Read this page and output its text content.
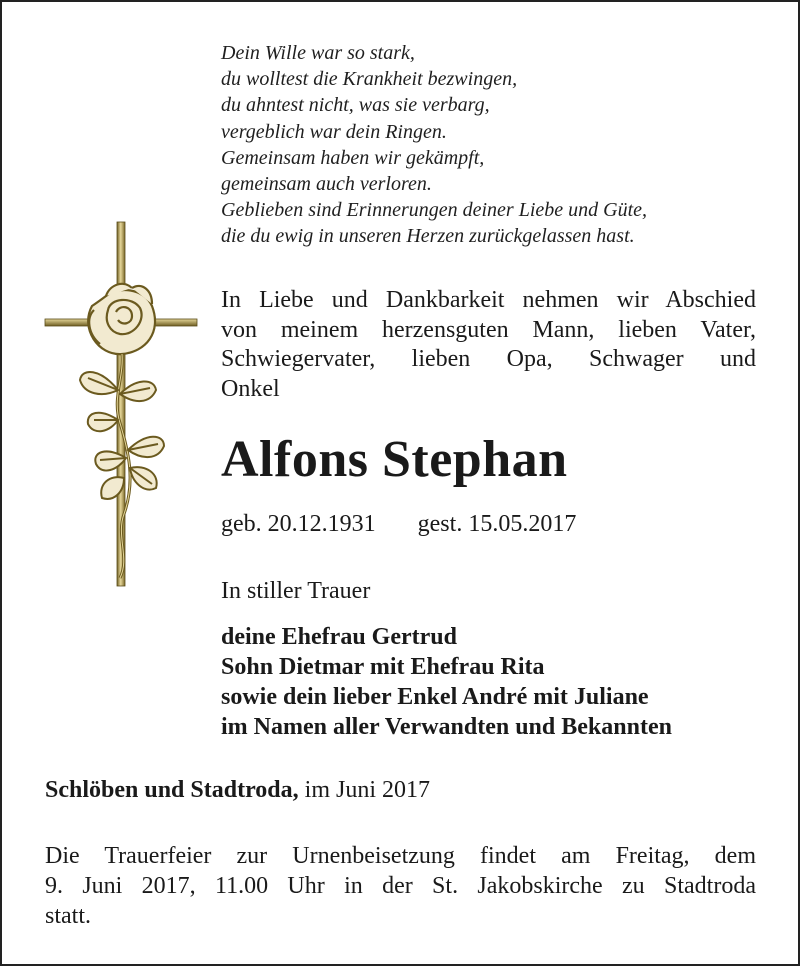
Dein Wille war so stark,
du wolltest die Krankheit bezwingen,
du ahntest nicht, was sie verbarg,
vergeblich war dein Ringen.
Gemeinsam haben wir gekämpft,
gemeinsam auch verloren.
Geblieben sind Erinnerungen deiner Liebe und Güte,
die du ewig in unseren Herzen zurückgelassen hast.
In Liebe und Dankbarkeit nehmen wir Abschied
von meinem herzensguten Mann, lieben Vater,
Schwiegervater, lieben Opa, Schwager und
Onkel
Alfons Stephan
geb. 20.12.1931 gest. 15.05.2017
In stiller Trauer
deine Ehefrau Gertrud
Sohn Dietmar mit Ehefrau Rita
sowie dein lieber Enkel André mit Juliane
im Namen aller Verwandten und Bekannten
Schlöben und Stadtroda, im Juni 2017
Die Trauerfeier zur Urnenbeisetzung findet am Freitag, dem
9. Juni 2017, 11.00 Uhr in der St. Jakobskirche zu Stadtroda
statt.
